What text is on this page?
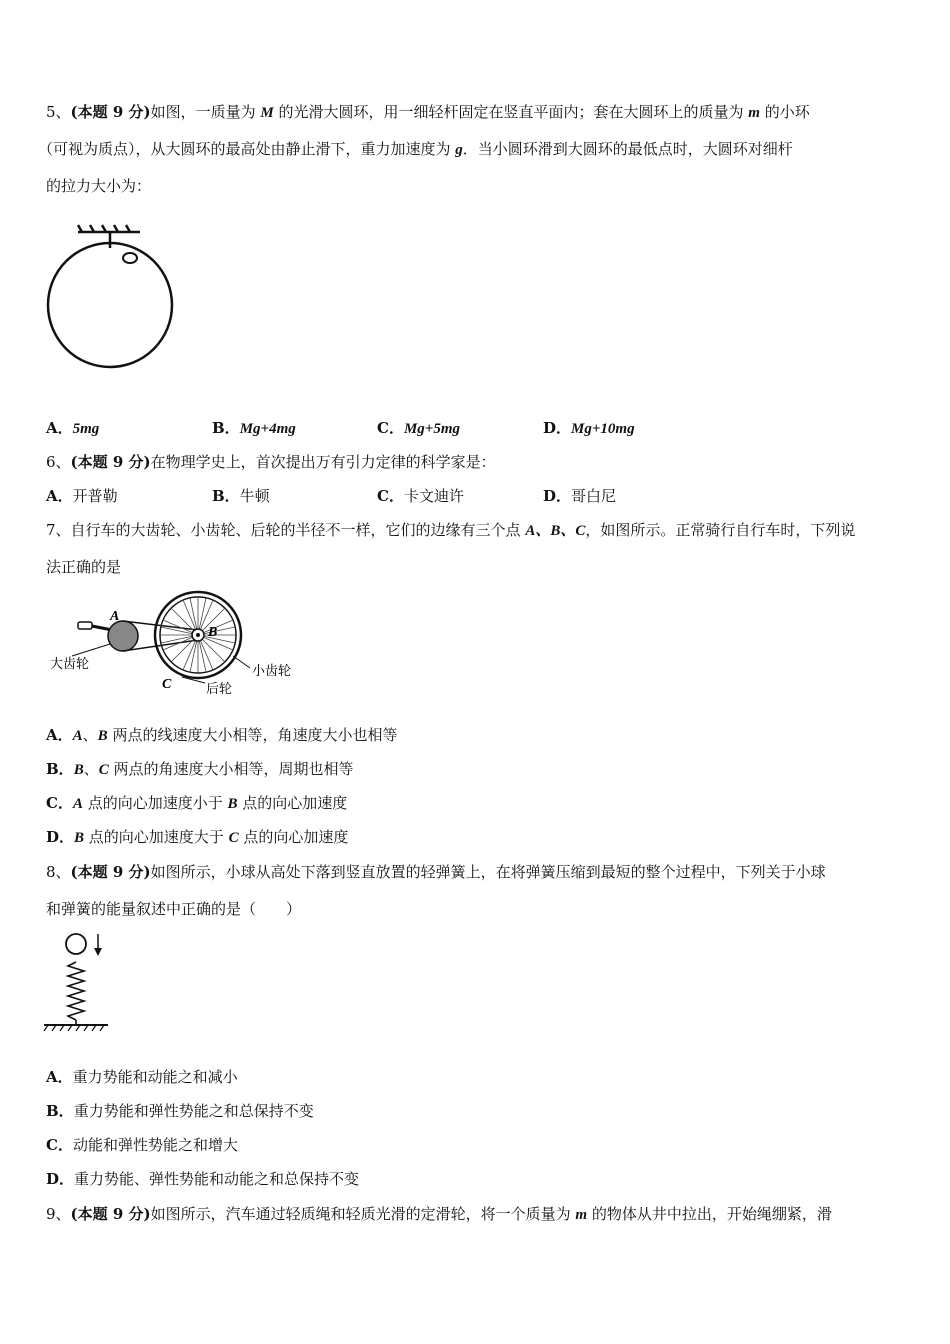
5、(本题 9 分)如图，一质量为 M 的光滑大圆环，用一细轻杆固定在竖直平面内；套在大圆环上的质量为 m 的小环
（可视为质点），从大圆环的最高处由静止滑下，重力加速度为 g．当小圆环滑到大圆环的最低点时，大圆环对细杆
的拉力大小为：
A．5mg	B．Mg+4mg	C．Mg+5mg	D．Mg+10mg
6、(本题 9 分)在物理学史上，首次提出万有引力定律的科学家是：
A．开普勒	B．牛顿	C．卡文迪许	D．哥白尼
7、自行车的大齿轮、小齿轮、后轮的半径不一样，它们的边缘有三个点 A、B、C，如图所示。正常骑行自行车时，下列说
法正确的是
A
B
C
大齿轮	小齿轮
后轮
A．A、B 两点的线速度大小相等，角速度大小也相等
B．B、C 两点的角速度大小相等，周期也相等
C．A 点的向心加速度小于 B 点的向心加速度
D．B 点的向心加速度大于 C 点的向心加速度
8、(本题 9 分)如图所示，小球从高处下落到竖直放置的轻弹簧上，在将弹簧压缩到最短的整个过程中，下列关于小球
和弹簧的能量叙述中正确的是（　　）
A．重力势能和动能之和减小
B．重力势能和弹性势能之和总保持不变
C．动能和弹性势能之和增大
D．重力势能、弹性势能和动能之和总保持不变
9、(本题 9 分)如图所示，汽车通过轻质绳和轻质光滑的定滑轮，将一个质量为 m 的物体从井中拉出，开始绳绷紧，滑
